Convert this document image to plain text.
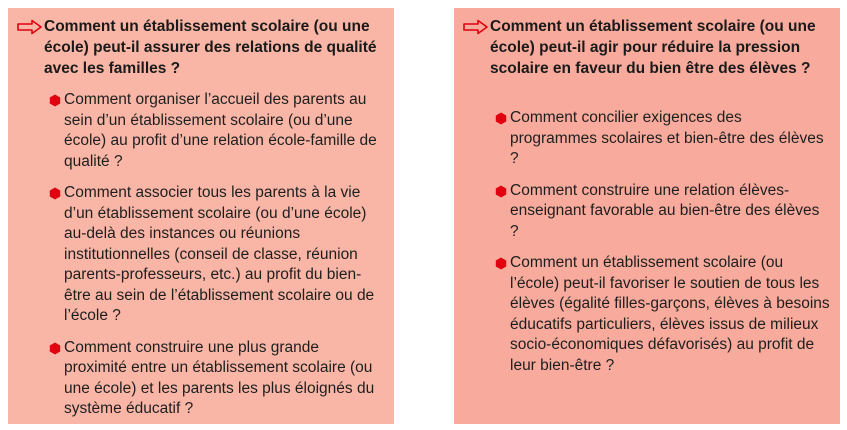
Comment un établissement scolaire (ou une école) peut-il assurer des relations de qualité avec les familles ?
Comment organiser l’accueil des parents au sein d’un établissement scolaire (ou d’une école) au profit d’une relation école-famille de qualité ?
Comment associer tous les parents à la vie d’un établissement scolaire (ou d’une école) au-delà des instances ou réunions institutionnelles (conseil de classe, réunion parents-professeurs, etc.) au profit du bien-être au sein de l’établissement scolaire ou de l’école ?
Comment construire une plus grande proximité entre un établissement scolaire (ou une école) et les parents les plus éloignés du système éducatif ?
Comment un établissement scolaire (ou une école) peut-il agir pour réduire la pression scolaire en faveur du bien être des élèves ?
Comment concilier exigences des programmes scolaires et bien-être des élèves ?
Comment construire une relation élèves-enseignant favorable au bien-être des élèves ?
Comment un établissement scolaire (ou l’école) peut-il favoriser le soutien de tous les élèves (égalité filles-garçons, élèves à besoins éducatifs particuliers, élèves issus de milieux socio-économiques défavorisés) au profit de leur bien-être ?
